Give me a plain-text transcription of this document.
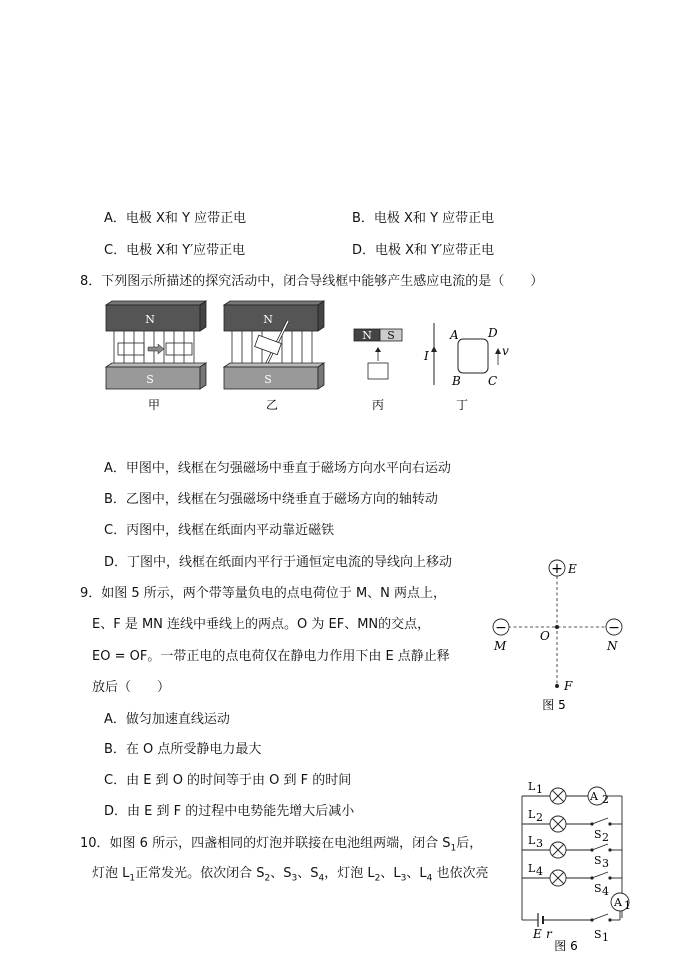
A．电极 X和 Y 应带正电	B．电极 X和 Y 应带正电
C．电极 X和 Y′应带正电	D．电极 X和 Y′应带正电
8．下列图示所描述的探究活动中，闭合导线框中能够产生感应电流的是（　　）
N
S
N
S
N S
I
A D
B C
v
甲	乙	丙	丁
A．甲图中，线框在匀强磁场中垂直于磁场方向水平向右运动
B．乙图中，线框在匀强磁场中绕垂直于磁场方向的轴转动
C．丙图中，线框在纸面内平动靠近磁铁
D．丁图中，线框在纸面内平行于通恒定电流的导线向上移动
9．如图 5 所示，两个带等量负电的点电荷位于 M、N 两点上，
E、F 是 MN 连线中垂线上的两点。O 为 EF、MN的交点，
EO = OF。一带正电的点电荷仅在静电力作用下由 E 点静止释
放后（　　）
A．做匀加速直线运动
B．在 O 点所受静电力最大
C．由 E 到 O 的时间等于由 O 到 F 的时间
D．由 E 到 F 的过程中电势能先增大后减小
+ E
−
M
−
N
O
F
图 5
10．如图 6 所示，四盏相同的灯泡并联接在电池组两端，闭合 $S_1$后，
灯泡 $L_1$正常发光。依次闭合 $S_2$、$S_3$、$S_4$，灯泡 $L_2$、$L_3$、$L_4$ 也依次亮
A 2
L 1
L 2
S 2
L 3
S 3
L 4
S 4
A 1
E r	S 1
图 6
